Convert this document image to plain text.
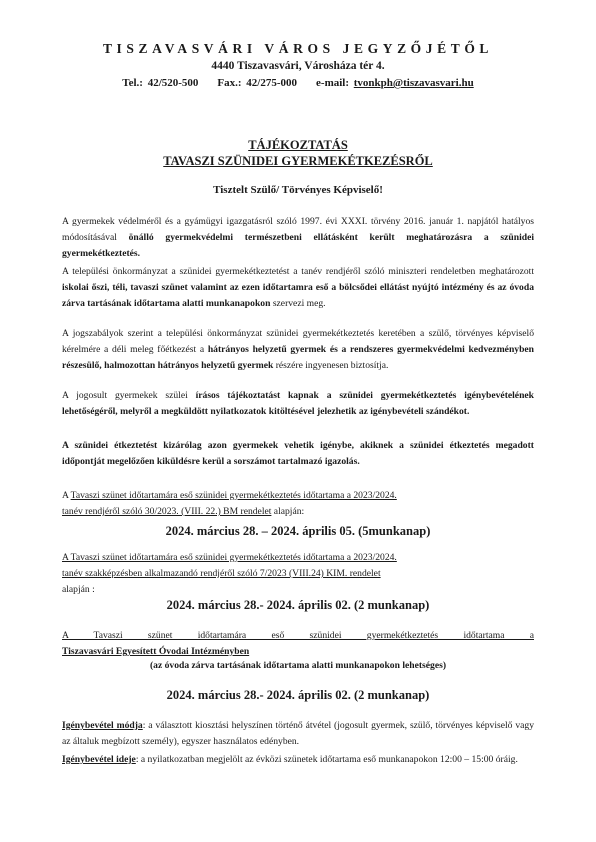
TISZAVASVÁRI VÁROS JEGYZŐJÉTŐL
4440 Tiszavasvári, Városháza tér 4.
Tel.: 42/520-500 Fax.: 42/275-000 e-mail: tvonkph@tiszavasvari.hu
TÁJÉKOZTATÁS
TAVASZI SZÜNIDEI GYERMEKÉTKEZÉSRŐL
Tisztelt Szülő/ Törvényes Képviselő!
A gyermekek védelméről és a gyámügyi igazgatásról szóló 1997. évi XXXI. törvény 2016. január 1. napjától hatályos módosításával önálló gyermekvédelmi természetbeni ellátásként került meghatározásra a szünidei gyermekétkeztetés.
A települési önkormányzat a szünidei gyermekétkeztetést a tanév rendjéről szóló miniszteri rendeletben meghatározott iskolai őszi, téli, tavaszi szünet valamint az ezen időtartamra eső a bölcsődei ellátást nyújtó intézmény és az óvoda zárva tartásának időtartama alatti munkanapokon szervezi meg.
A jogszabályok szerint a települési önkormányzat szünidei gyermekétkeztetés keretében a szülő, törvényes képviselő kérelmére a déli meleg főétkezést a hátrányos helyzetű gyermek és a rendszeres gyermekvédelmi kedvezményben részesülő, halmozottan hátrányos helyzetű gyermek részére ingyenesen biztosítja.
A jogosult gyermekek szülei írásos tájékoztatást kapnak a szünidei gyermekétkeztetés igénybevételének lehetőségéről, melyről a megküldött nyilatkozatok kitöltésével jelezhetik az igénybevételi szándékot.
A szünidei étkeztetést kizárólag azon gyermekek vehetik igénybe, akiknek a szünidei étkeztetés megadott időpontját megelőzően kiküldésre kerül a sorszámot tartalmazó igazolás.
A Tavaszi szünet időtartamára eső szünidei gyermekétkeztetés időtartama a 2023/2024.
tanév rendjéről szóló 30/2023. (VIII. 22.) BM rendelet alapján:
2024. március 28. – 2024. április 05. (5munkanap)
A Tavaszi szünet időtartamára eső szünidei gyermekétkeztetés időtartama a 2023/2024.
tanév szakképzésben alkalmazandó rendjéről szóló 7/2023 (VIII.24) KIM. rendelet
alapján :
2024. március 28.- 2024. április 02. (2 munkanap)
A Tavaszi szünet időtartamára eső szünidei gyermekétkeztetés időtartama a
Tiszavasvári Egyesített Óvodai Intézményben
(az óvoda zárva tartásának időtartama alatti munkanapokon lehetséges)
2024. március 28.- 2024. április 02. (2 munkanap)
Igénybevétel módja: a választott kiosztási helyszínen történő átvétel (jogosult gyermek, szülő, törvényes képviselő vagy az általuk megbízott személy), egyszer használatos edényben.
Igénybevétel ideje: a nyilatkozatban megjelölt az évközi szünetek időtartama eső munkanapokon 12:00 – 15:00 óráig.
